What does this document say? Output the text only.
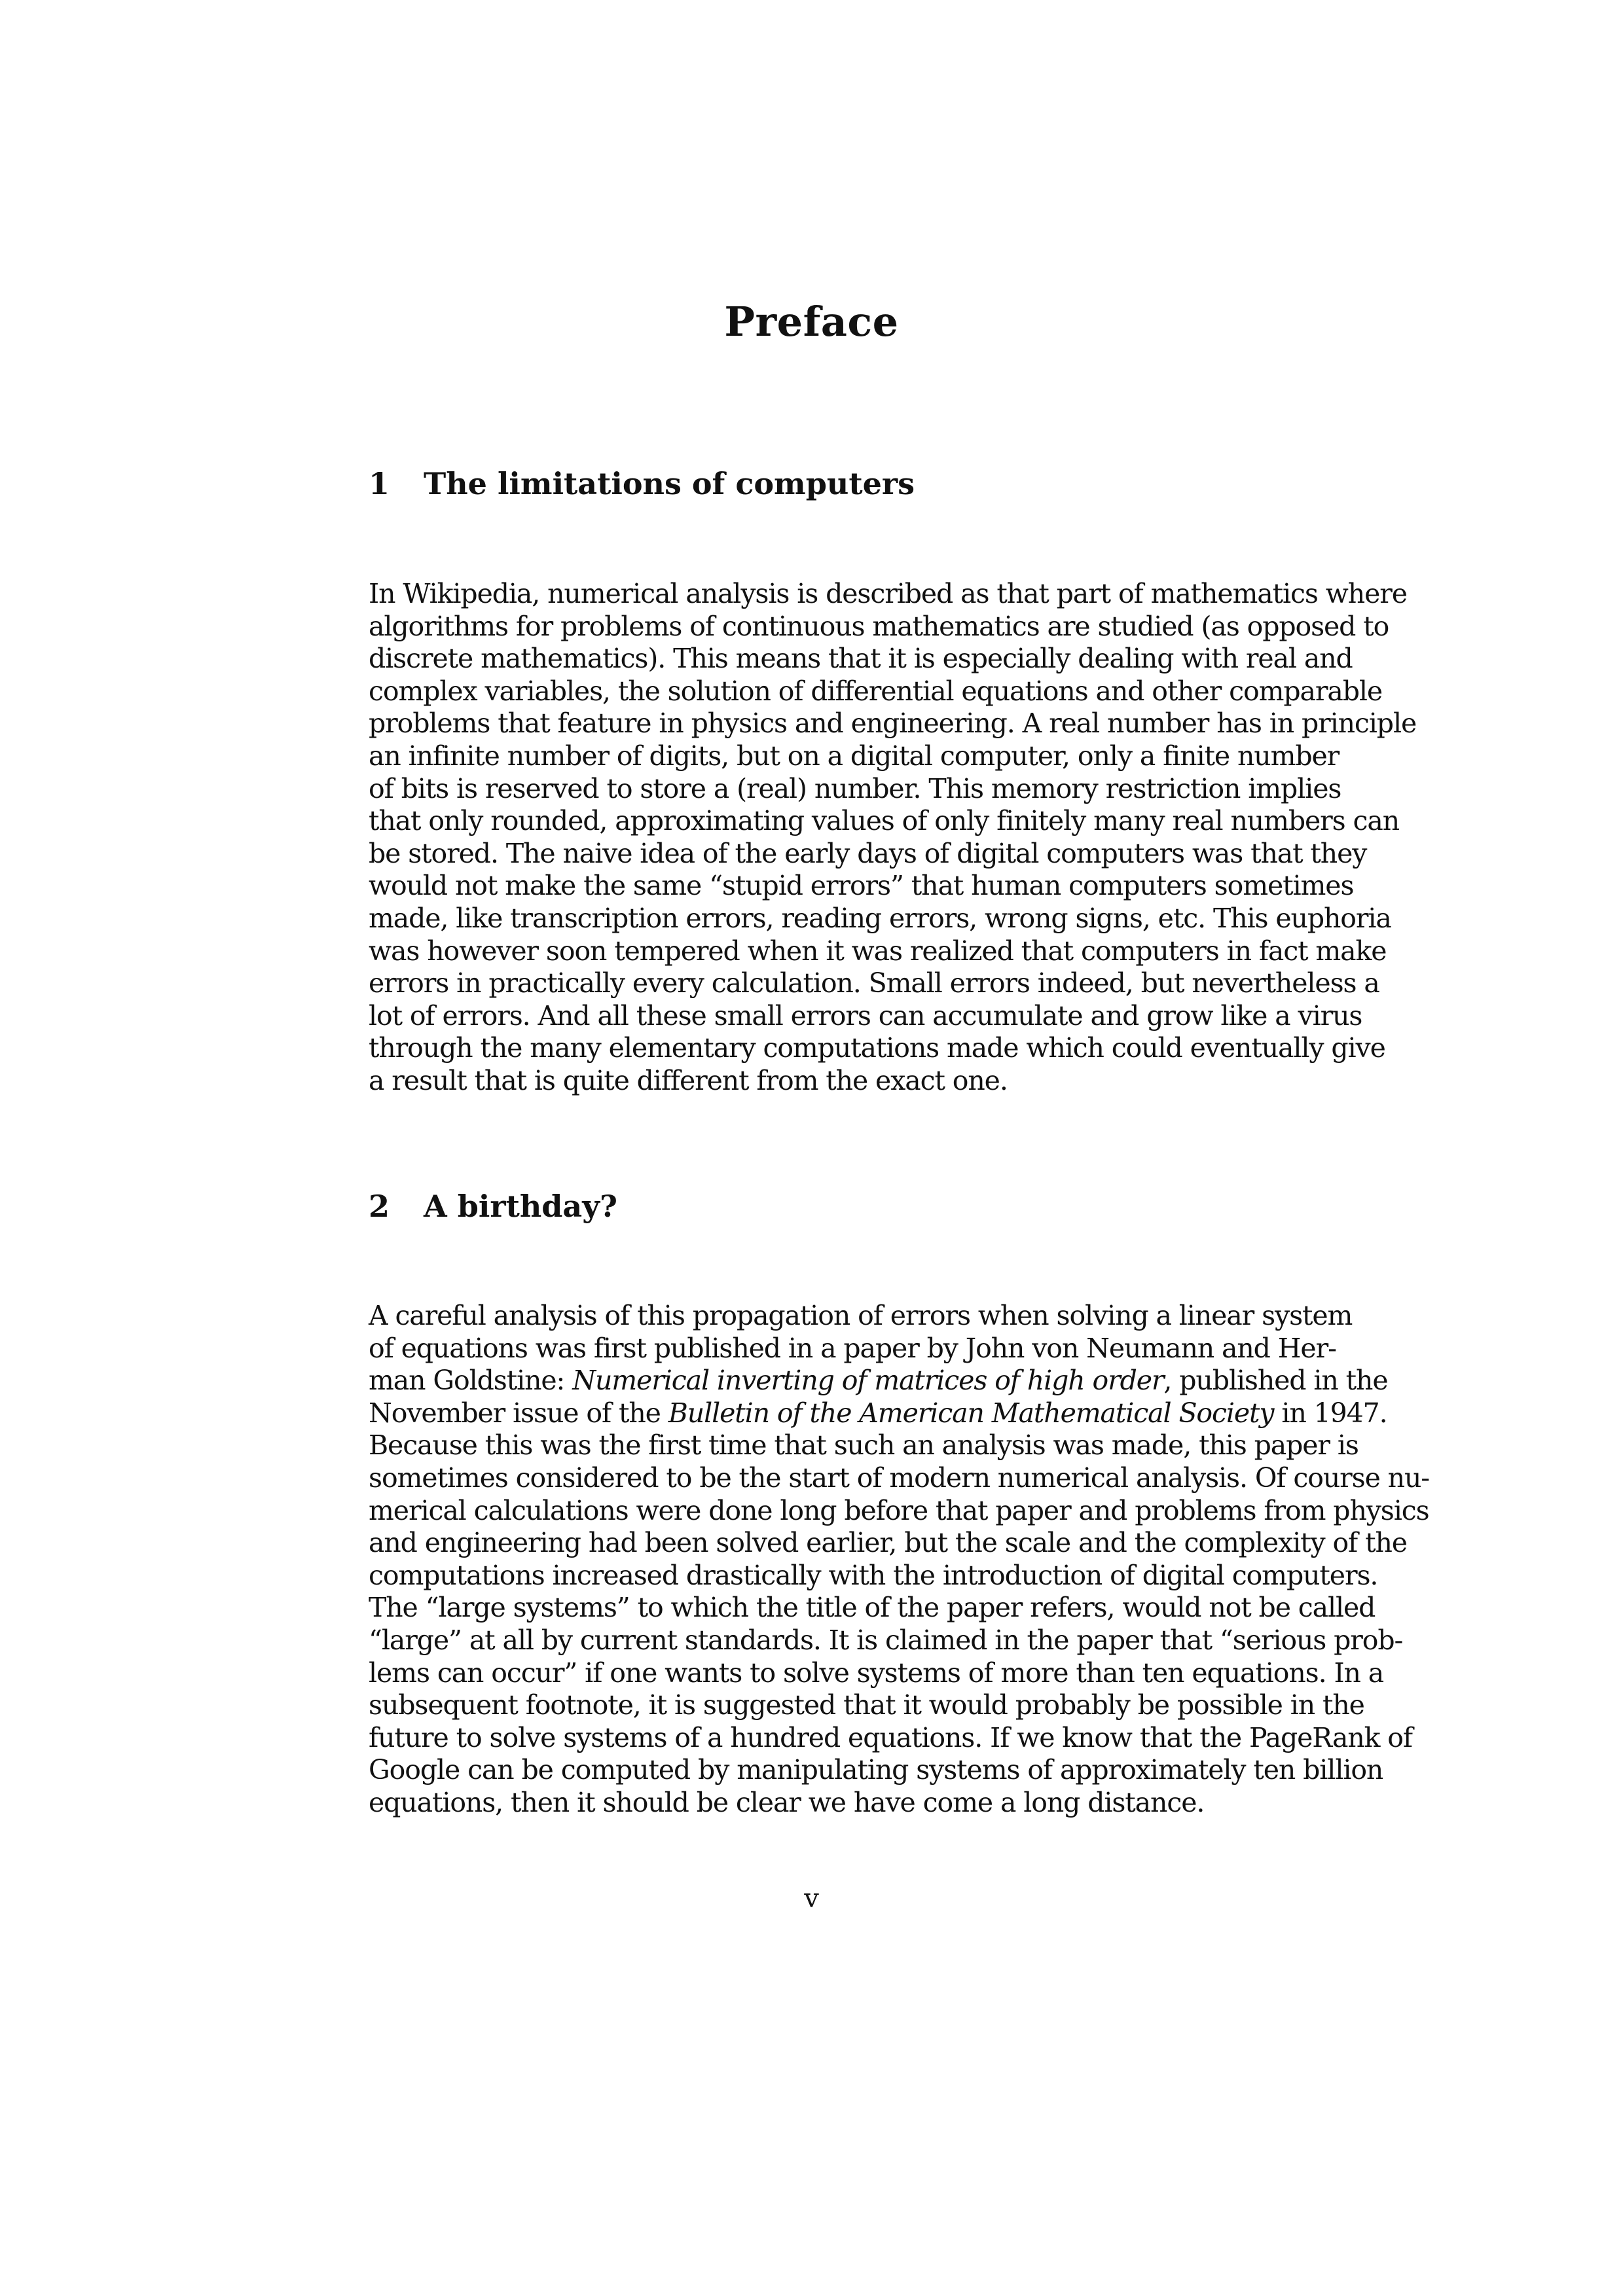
Preface
1 The limitations of computers
In Wikipedia, numerical analysis is described as that part of mathematics where
algorithms for problems of continuous mathematics are studied (as opposed to
discrete mathematics). This means that it is especially dealing with real and
complex variables, the solution of differential equations and other comparable
problems that feature in physics and engineering. A real number has in principle
an infinite number of digits, but on a digital computer, only a finite number
of bits is reserved to store a (real) number. This memory restriction implies
that only rounded, approximating values of only finitely many real numbers can
be stored. The naive idea of the early days of digital computers was that they
would not make the same “stupid errors” that human computers sometimes
made, like transcription errors, reading errors, wrong signs, etc. This euphoria
was however soon tempered when it was realized that computers in fact make
errors in practically every calculation. Small errors indeed, but nevertheless a
lot of errors. And all these small errors can accumulate and grow like a virus
through the many elementary computations made which could eventually give
a result that is quite different from the exact one.
2 A birthday?
A careful analysis of this propagation of errors when solving a linear system
of equations was first published in a paper by John von Neumann and Her-
man Goldstine: Numerical inverting of matrices of high order, published in the
November issue of the Bulletin of the American Mathematical Society in 1947.
Because this was the first time that such an analysis was made, this paper is
sometimes considered to be the start of modern numerical analysis. Of course nu-
merical calculations were done long before that paper and problems from physics
and engineering had been solved earlier, but the scale and the complexity of the
computations increased drastically with the introduction of digital computers.
The “large systems” to which the title of the paper refers, would not be called
“large” at all by current standards. It is claimed in the paper that “serious prob-
lems can occur” if one wants to solve systems of more than ten equations. In a
subsequent footnote, it is suggested that it would probably be possible in the
future to solve systems of a hundred equations. If we know that the PageRank of
Google can be computed by manipulating systems of approximately ten billion
equations, then it should be clear we have come a long distance.
v
